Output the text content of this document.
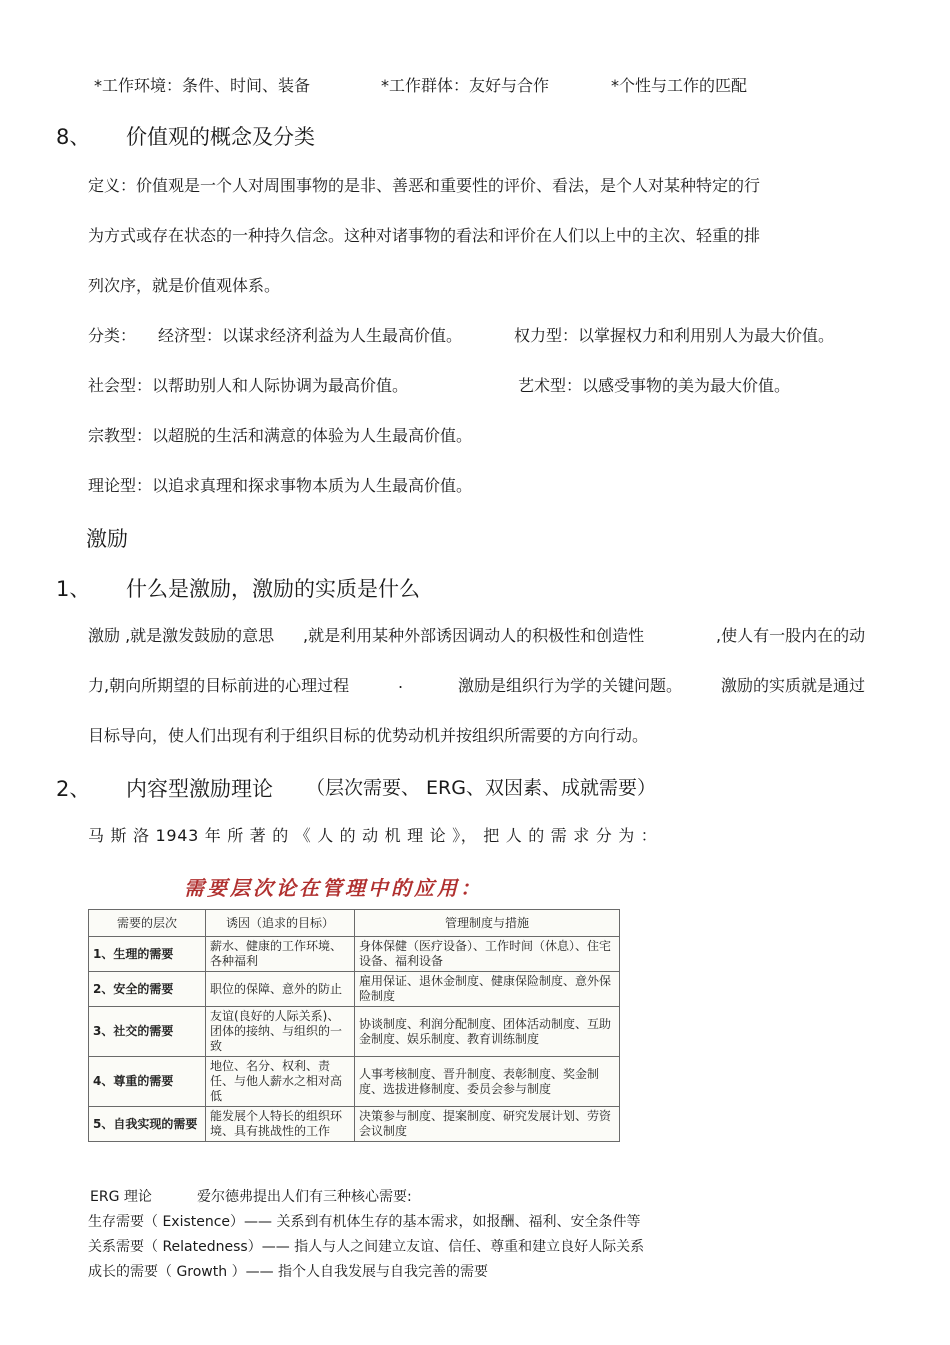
*工作环境：条件、时间、装备	*工作群体：友好与合作	*个性与工作的匹配
8、 价值观的概念及分类
定义：价值观是一个人对周围事物的是非、善恶和重要性的评价、看法，是个人对某种特定的行
为方式或存在状态的一种持久信念。这种对诸事物的看法和评价在人们以上中的主次、轻重的排
列次序，就是价值观体系。
分类： 经济型：以谋求经济利益为人生最高价值。	权力型：以掌握权力和利用别人为最大价值。
社会型：以帮助别人和人际协调为最高价值。	艺术型：以感受事物的美为最大价值。
宗教型：以超脱的生活和满意的体验为人生最高价值。
理论型：以追求真理和探求事物本质为人生最高价值。
激励
1、 什么是激励，激励的实质是什么
激励 ,就是激发鼓励的意思 ,就是利用某种外部诱因调动人的积极性和创造性	,使人有一股内在的动
力,朝向所期望的目标前进的心理过程	.	激励是组织行为学的关键问题。 激励的实质就是通过
目标导向，使人们出现有利于组织目标的优势动机并按组织所需要的方向行动。
2、 内容型激励理论 （层次需要、 ERG、双因素、成就需要）
马 斯 洛 1943 年 所 著 的 《 人 的 动 机 理 论 》， 把 人 的 需 求 分 为 ：
需要层次论在管理中的应用：
需要的层次	诱因（追求的目标）	管理制度与措施
1、生理的需要	薪水、健康的工作环境、各种福利	身体保健（医疗设备）、工作时间（休息）、住宅设备、福利设备
2、安全的需要	职位的保障、意外的防止	雇用保证、退休金制度、健康保险制度、意外保险制度
3、社交的需要	友谊(良好的人际关系)、团体的接纳、与组织的一致	协谈制度、利润分配制度、团体活动制度、互助金制度、娱乐制度、教育训练制度
4、尊重的需要	地位、名分、权利、责任、与他人薪水之相对高低	人事考核制度、晋升制度、表彰制度、奖金制度、选拔进修制度、委员会参与制度
5、自我实现的需要	能发展个人特长的组织环境、具有挑战性的工作	决策参与制度、提案制度、研究发展计划、劳资会议制度
ERG 理论	爱尔德弗提出人们有三种核心需要:
生存需要（ Existence）—— 关系到有机体生存的基本需求，如报酬、福利、安全条件等
关系需要（ Relatedness）—— 指人与人之间建立友谊、信任、尊重和建立良好人际关系
成长的需要（ Growth ）—— 指个人自我发展与自我完善的需要
